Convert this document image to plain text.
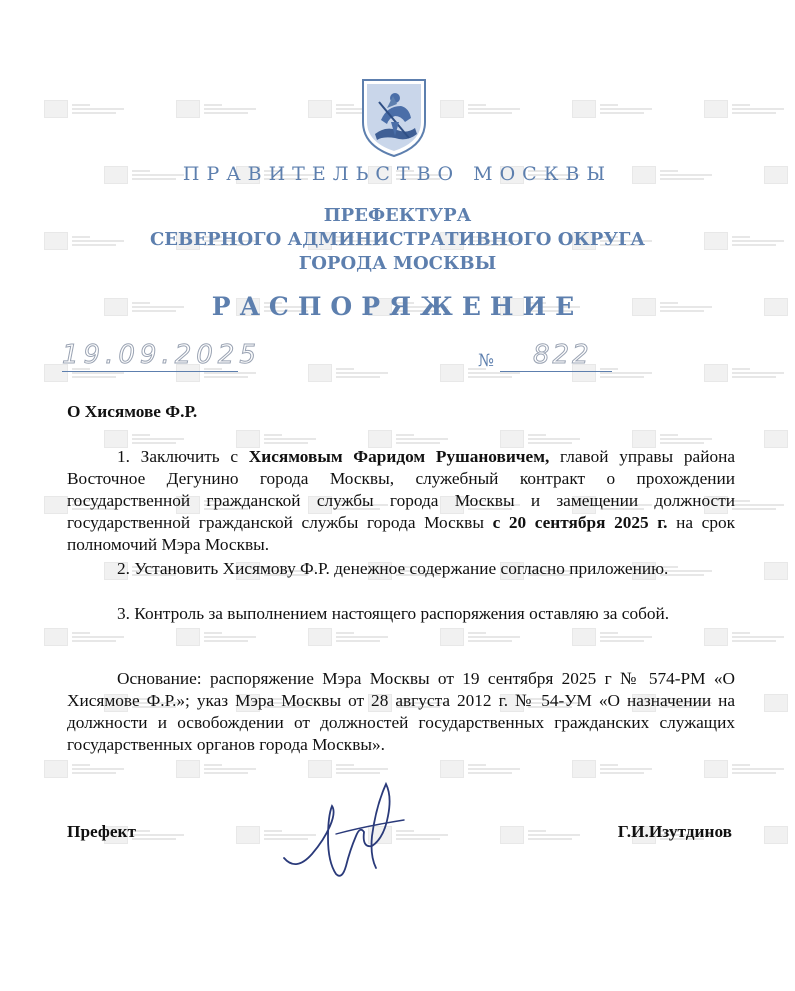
ПРАВИТЕЛЬСТВО МОСКВЫ
ПРЕФЕКТУРА
СЕВЕРНОГО АДМИНИСТРАТИВНОГО ОКРУГА
ГОРОДА МОСКВЫ
РАСПОРЯЖЕНИЕ
19.09.2025	№ 822
О Хисямове Ф.Р.
1. Заключить с Хисямовым Фаридом Рушановичем, главой управы района Восточное Дегунино города Москвы, служебный контракт о прохождении государственной гражданской службы города Москвы и замещении должности государственной гражданской службы города Москвы с 20 сентября 2025 г. на срок полномочий Мэра Москвы.
2. Установить Хисямову Ф.Р. денежное содержание согласно приложению.
3. Контроль за выполнением настоящего распоряжения оставляю за собой.
Основание: распоряжение Мэра Москвы от 19 сентября 2025 г № 574-РМ «О Хисямове Ф.Р.»; указ Мэра Москвы от 28 августа 2012 г. № 54-УМ «О назначении на должности и освобождении от должностей государственных гражданских служащих государственных органов города Москвы».
Префект	Г.И.Изутдинов
